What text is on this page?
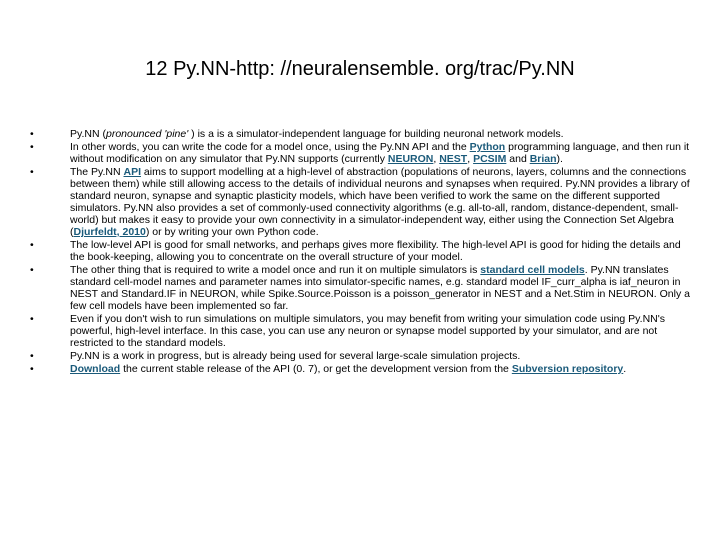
12 Py.NN-http: //neuralensemble. org/trac/Py.NN
•	Py.NN (pronounced 'pine' ) is a is a simulator-independent language for building neuronal network models.
•	In other words, you can write the code for a model once, using the Py.NN API and the Python programming language, and then run it without modification on any simulator that Py.NN supports (currently NEURON, NEST, PCSIM and Brian).
•	The Py.NN API aims to support modelling at a high-level of abstraction (populations of neurons, layers, columns and the connections between them) while still allowing access to the details of individual neurons and synapses when required. Py.NN provides a library of standard neuron, synapse and synaptic plasticity models, which have been verified to work the same on the different supported simulators. Py.NN also provides a set of commonly-used connectivity algorithms (e.g. all-to-all, random, distance-dependent, small-world) but makes it easy to provide your own connectivity in a simulator-independent way, either using the Connection Set Algebra (Djurfeldt, 2010) or by writing your own Python code.
•	The low-level API is good for small networks, and perhaps gives more flexibility. The high-level API is good for hiding the details and the book-keeping, allowing you to concentrate on the overall structure of your model.
•	The other thing that is required to write a model once and run it on multiple simulators is standard cell models. Py.NN translates standard cell-model names and parameter names into simulator-specific names, e.g. standard model IF_curr_alpha is iaf_neuron in NEST and Standard.IF in NEURON, while Spike.Source.Poisson is a poisson_generator in NEST and a Net.Stim in NEURON. Only a few cell models have been implemented so far.
•	Even if you don't wish to run simulations on multiple simulators, you may benefit from writing your simulation code using Py.NN's powerful, high-level interface. In this case, you can use any neuron or synapse model supported by your simulator, and are not restricted to the standard models.
•	Py.NN is a work in progress, but is already being used for several large-scale simulation projects.
•	Download the current stable release of the API (0. 7), or get the development version from the Subversion repository.
